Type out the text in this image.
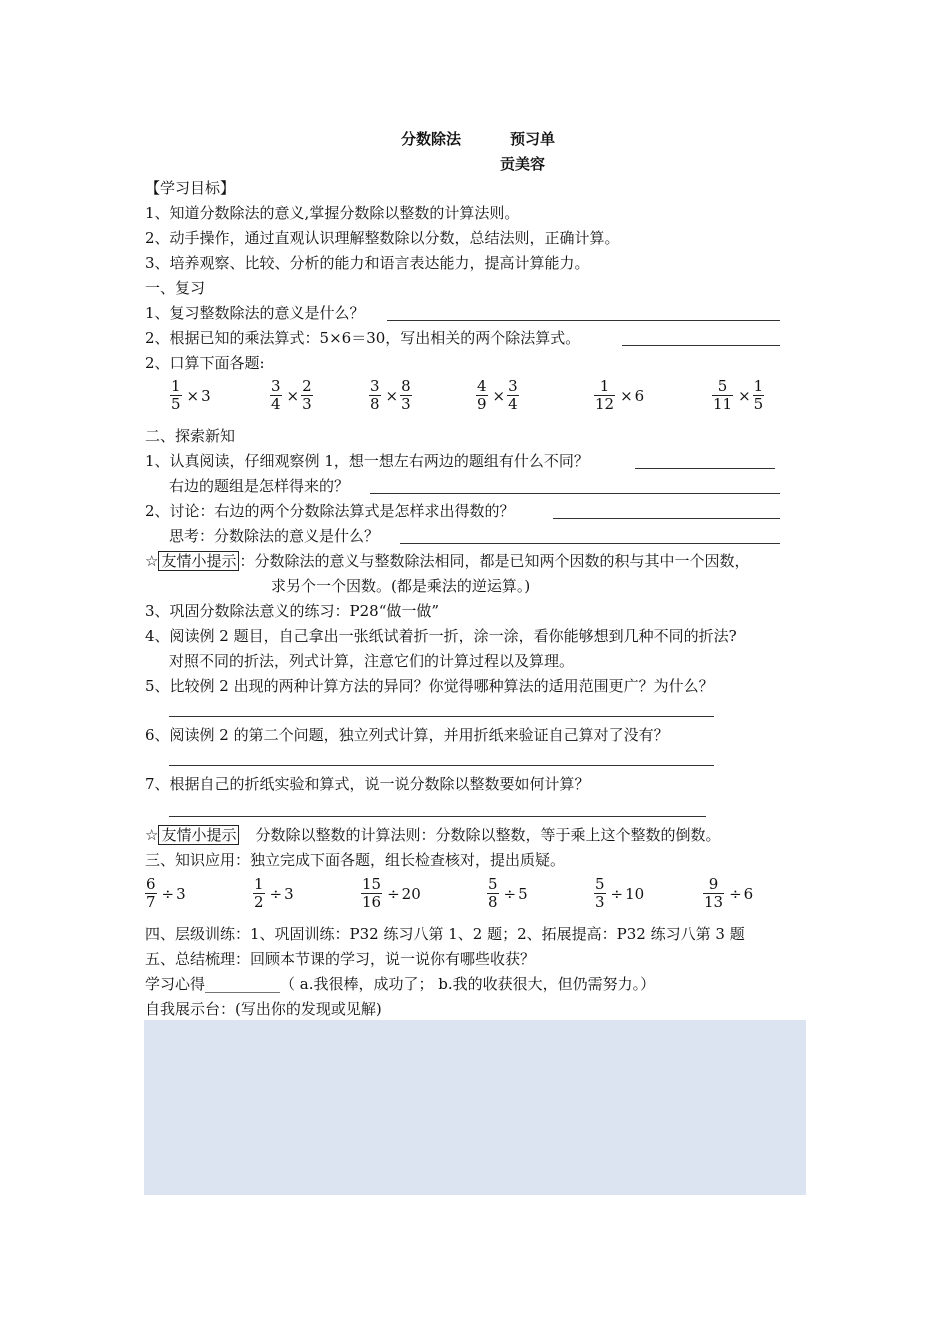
分数除法	预习单
贡美容
【学习目标】
1、知道分数除法的意义,掌握分数除以整数的计算法则。
2、动手操作，通过直观认识理解整数除以分数，总结法则，正确计算。
3、培养观察、比较、分析的能力和语言表达能力，提高计算能力。
一、复习
1、复习整数除法的意义是什么？
2、根据已知的乘法算式：5×6＝30，写出相关的两个除法算式。
2、口算下面各题:
$\frac{1}{5} \times 3$	$\frac{3}{4} \times \frac{2}{3}$	$\frac{3}{8} \times \frac{8}{3}$	$\frac{4}{9} \times \frac{3}{4}$	$\frac{1}{12} \times 6$	$\frac{5}{11} \times \frac{1}{5}$
二、探索新知
1、认真阅读，仔细观察例 1，想一想左右两边的题组有什么不同？
右边的题组是怎样得来的？
2、讨论：右边的两个分数除法算式是怎样求出得数的？
思考：分数除法的意义是什么？
☆ 友情小提示 ：分数除法的意义与整数除法相同，都是已知两个因数的积与其中一个因数，
求另个一个因数。(都是乘法的逆运算。)
3、巩固分数除法意义的练习：P28“做一做”
4、阅读例 2 题目，自己拿出一张纸试着折一折，涂一涂，看你能够想到几种不同的折法?
对照不同的折法，列式计算，注意它们的计算过程以及算理。
5、比较例 2 出现的两种计算方法的异同？你觉得哪种算法的适用范围更广？为什么？
6、阅读例 2 的第二个问题，独立列式计算，并用折纸来验证自己算对了没有？
7、根据自己的折纸实验和算式，说一说分数除以整数要如何计算？
☆ 友情小提示 分数除以整数的计算法则：分数除以整数，等于乘上这个整数的倒数。
三、知识应用：独立完成下面各题，组长检查核对，提出质疑。
$\frac{6}{7} \div 3$	$\frac{1}{2} \div 3$	$\frac{15}{16} \div 20$	$\frac{5}{8} \div 5$	$\frac{5}{3} \div 10$	$\frac{9}{13} \div 6$
四、层级训练：1、巩固训练：P32 练习八第 1、2 题；2、拓展提高：P32 练习八第 3 题
五、总结梳理：回顾本节课的学习，说一说你有哪些收获？
学习心得__________（ a.我很棒，成功了； b.我的收获很大，但仍需努力。）
自我展示台：(写出你的发现或见解)
